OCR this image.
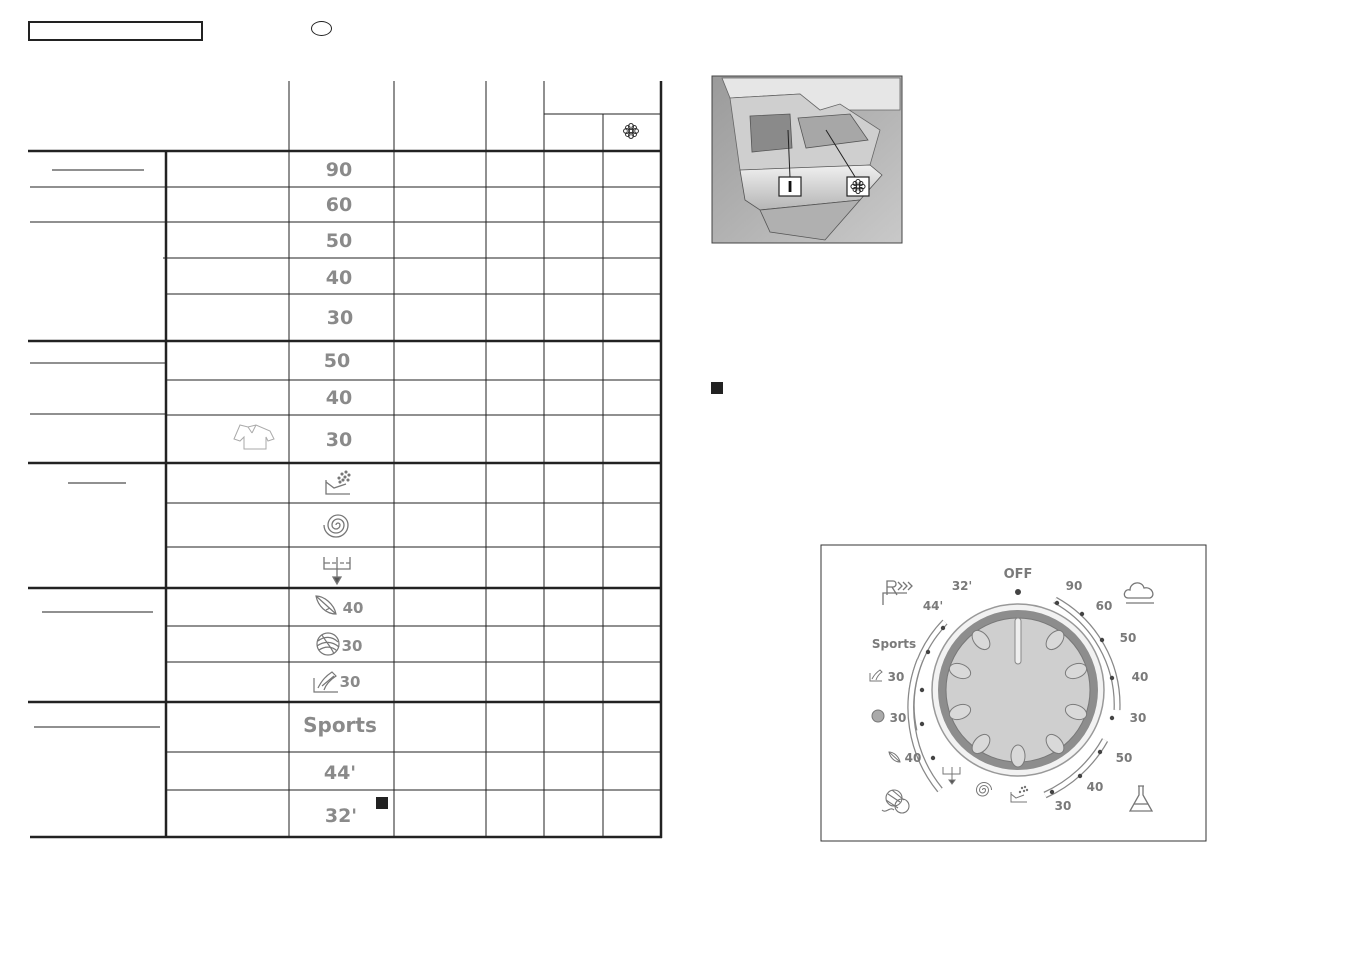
90
60
50
40
30
50
40
30
40
30
30
Sports
44'
32'
I
OFF
32'
44'
Sports
30
30
40
90
60
50
40
30
50
40
30
